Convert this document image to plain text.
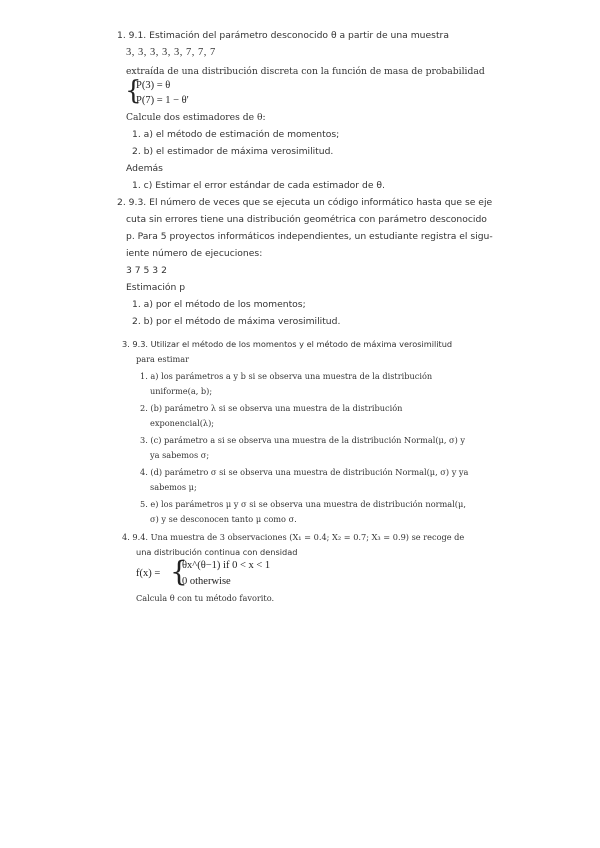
1. 9.1. Estimación del parámetro desconocido θ a partir de una muestra
3, 3, 3, 3, 3, 7, 7, 7
extraída de una distribución discreta con la función de masa de probabilidad
{
P(3) = θ
P(7) = 1 − θ'
Calcule dos estimadores de θ:
1. a) el método de estimación de momentos;
2. b) el estimador de máxima verosimilitud.
Además
1. c) Estimar el error estándar de cada estimador de θ.
2. 9.3. El número de veces que se ejecuta un código informático hasta que se eje
cuta sin errores tiene una distribución geométrica con parámetro desconocido
p. Para 5 proyectos informáticos independientes, un estudiante registra el sigu-
iente número de ejecuciones:
3 7 5 3 2
Estimación p
1. a) por el método de los momentos;
2. b) por el método de máxima verosimilitud.
3. 9.3. Utilizar el método de los momentos y el método de máxima verosimilitud
para estimar
1. a) los parámetros a y b si se observa una muestra de la distribución
uniforme(a, b);
2. (b) parámetro λ si se observa una muestra de la distribución
exponencial(λ);
3. (c) parámetro a si se observa una muestra de la distribución Normal(μ, σ) y
ya sabemos σ;
4. (d) parámetro σ si se observa una muestra de distribución Normal(μ, σ) y ya
sabemos μ;
5. e) los parámetros μ y σ si se observa una muestra de distribución normal(μ,
σ) y se desconocen tanto μ como σ.
4. 9.4. Una muestra de 3 observaciones (X₁ = 0.4; X₂ = 0.7; X₃ = 0.9) se recoge de
una distribución continua con densidad
f(x) = {
θx^(θ−1) if 0 < x < 1
0 otherwise
Calcula θ con tu método favorito.
